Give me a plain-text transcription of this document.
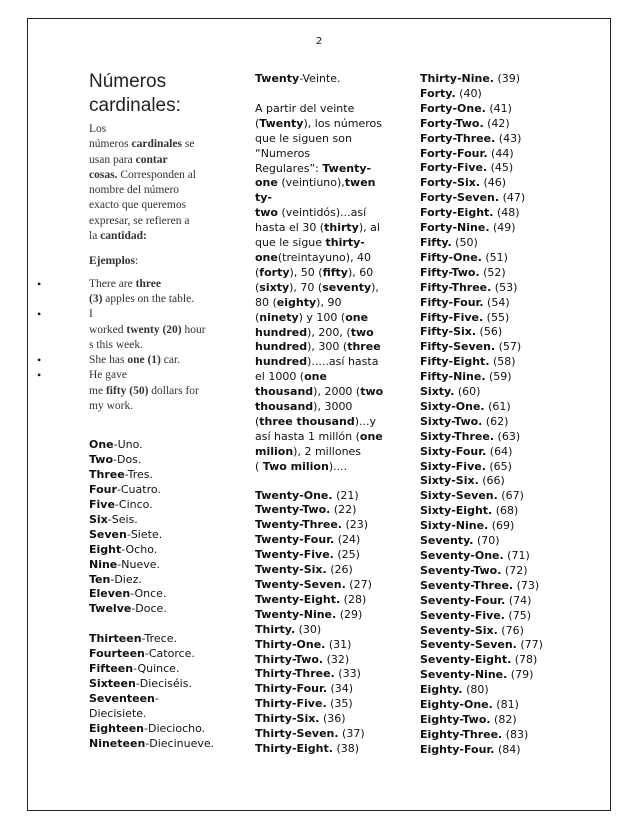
2
Números
cardinales:
Los
números cardinales se
usan para contar
cosas. Corresponden al
nombre del número
exacto que queremos
expresar, se refieren a
la cantidad:
Ejemplos:
• There are three
(3) apples on the table.
• I
worked twenty (20) hour
s this week.
• She has one (1) car.
• He gave
me fifty (50) dollars for
my work.
One-Uno.
Two-Dos.
Three-Tres.
Four-Cuatro.
Five-Cinco.
Six-Seis.
Seven-Siete.
Eight-Ocho.
Nine-Nueve.
Ten-Diez.
Eleven-Once.
Twelve-Doce.
Thirteen-Trece.
Fourteen-Catorce.
Fifteen-Quince.
Sixteen-Dieciséis.
Seventeen-
Diecisiete.
Eighteen-Dieciocho.
Nineteen-Diecinueve.
Twenty-Veinte.
A partir del veinte
(Twenty), los números
que le siguen son
“Numeros
Regulares”: Twenty-
one (veintiuno),twen
ty-
two (veintidós)...así
hasta el 30 (thirty), al
que le sigue thirty-
one(treintayuno), 40
(forty), 50 (fifty), 60
(sixty), 70 (seventy),
80 (eighty), 90
(ninety) y 100 (one
hundred), 200, (two
hundred), 300 (three
hundred).....así hasta
el 1000 (one
thousand), 2000 (two
thousand), 3000
(three thousand)...y
así hasta 1 millón (one
milion), 2 millones
( Two milion)....
Twenty-One. (21)
Twenty-Two. (22)
Twenty-Three. (23)
Twenty-Four. (24)
Twenty-Five. (25)
Twenty-Six. (26)
Twenty-Seven. (27)
Twenty-Eight. (28)
Twenty-Nine. (29)
Thirty. (30)
Thirty-One. (31)
Thirty-Two. (32)
Thirty-Three. (33)
Thirty-Four. (34)
Thirty-Five. (35)
Thirty-Six. (36)
Thirty-Seven. (37)
Thirty-Eight. (38)
Thirty-Nine. (39)
Forty. (40)
Forty-One. (41)
Forty-Two. (42)
Forty-Three. (43)
Forty-Four. (44)
Forty-Five. (45)
Forty-Six. (46)
Forty-Seven. (47)
Forty-Eight. (48)
Forty-Nine. (49)
Fifty. (50)
Fifty-One. (51)
Fifty-Two. (52)
Fifty-Three. (53)
Fifty-Four. (54)
Fifty-Five. (55)
Fifty-Six. (56)
Fifty-Seven. (57)
Fifty-Eight. (58)
Fifty-Nine. (59)
Sixty. (60)
Sixty-One. (61)
Sixty-Two. (62)
Sixty-Three. (63)
Sixty-Four. (64)
Sixty-Five. (65)
Sixty-Six. (66)
Sixty-Seven. (67)
Sixty-Eight. (68)
Sixty-Nine. (69)
Seventy. (70)
Seventy-One. (71)
Seventy-Two. (72)
Seventy-Three. (73)
Seventy-Four. (74)
Seventy-Five. (75)
Seventy-Six. (76)
Seventy-Seven. (77)
Seventy-Eight. (78)
Seventy-Nine. (79)
Eighty. (80)
Eighty-One. (81)
Eighty-Two. (82)
Eighty-Three. (83)
Eighty-Four. (84)
